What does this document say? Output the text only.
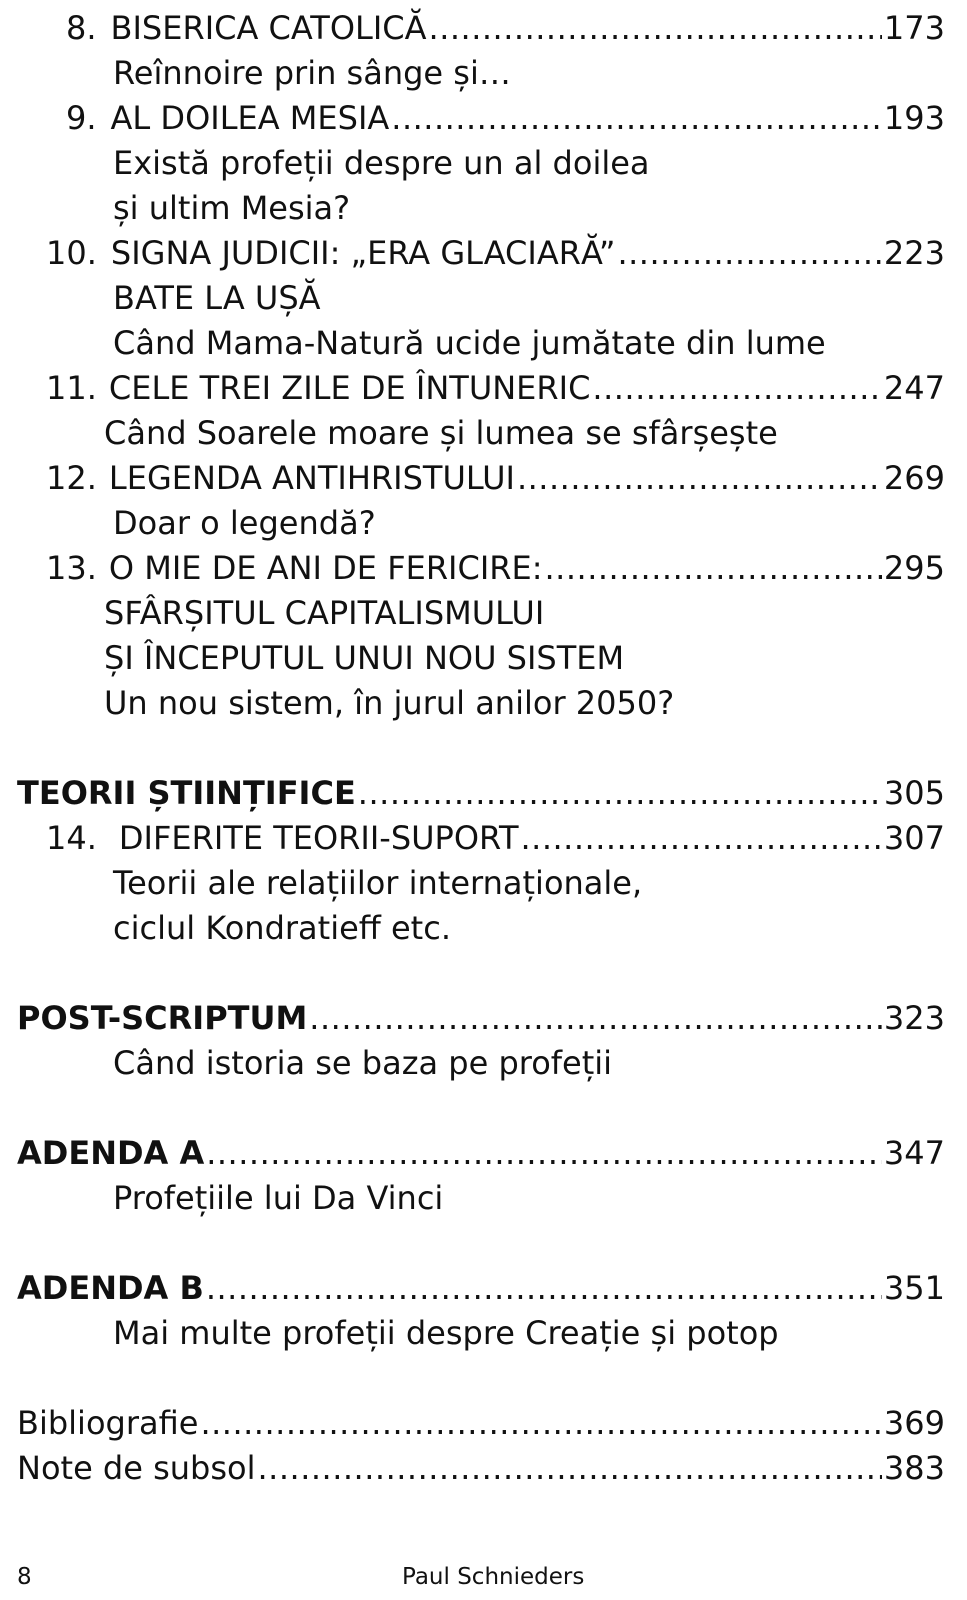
8. BISERICA CATOLICĂ .....	173
Reînnoire prin sânge și…
9. AL DOILEA MESIA .....	193
Există profeții despre un al doilea
și ultim Mesia?
10. SIGNA JUDICII: „ERA GLACIARĂ” .....	223
BATE LA UȘĂ
Când Mama-Natură ucide jumătate din lume
11. CELE TREI ZILE DE ÎNTUNERIC .....	247
Când Soarele moare și lumea se sfârșește
12. LEGENDA ANTIHRISTULUI .....	269
Doar o legendă?
13. O MIE DE ANI DE FERICIRE: .....	295
SFÂRȘITUL CAPITALISMULUI
ȘI ÎNCEPUTUL UNUI NOU SISTEM
Un nou sistem, în jurul anilor 2050?
TEORII ȘTIINȚIFICE .....	305
14. DIFERITE TEORII-SUPORT .....	307
Teorii ale relațiilor internaționale,
ciclul Kondratieff etc.
POST-SCRIPTUM .....	323
Când istoria se baza pe profeții
ADENDA A .....	347
Profețiile lui Da Vinci
ADENDA B .....	351
Mai multe profeții despre Creație și potop
Bibliografie .....	369
Note de subsol .....	383
8	Paul Schnieders
